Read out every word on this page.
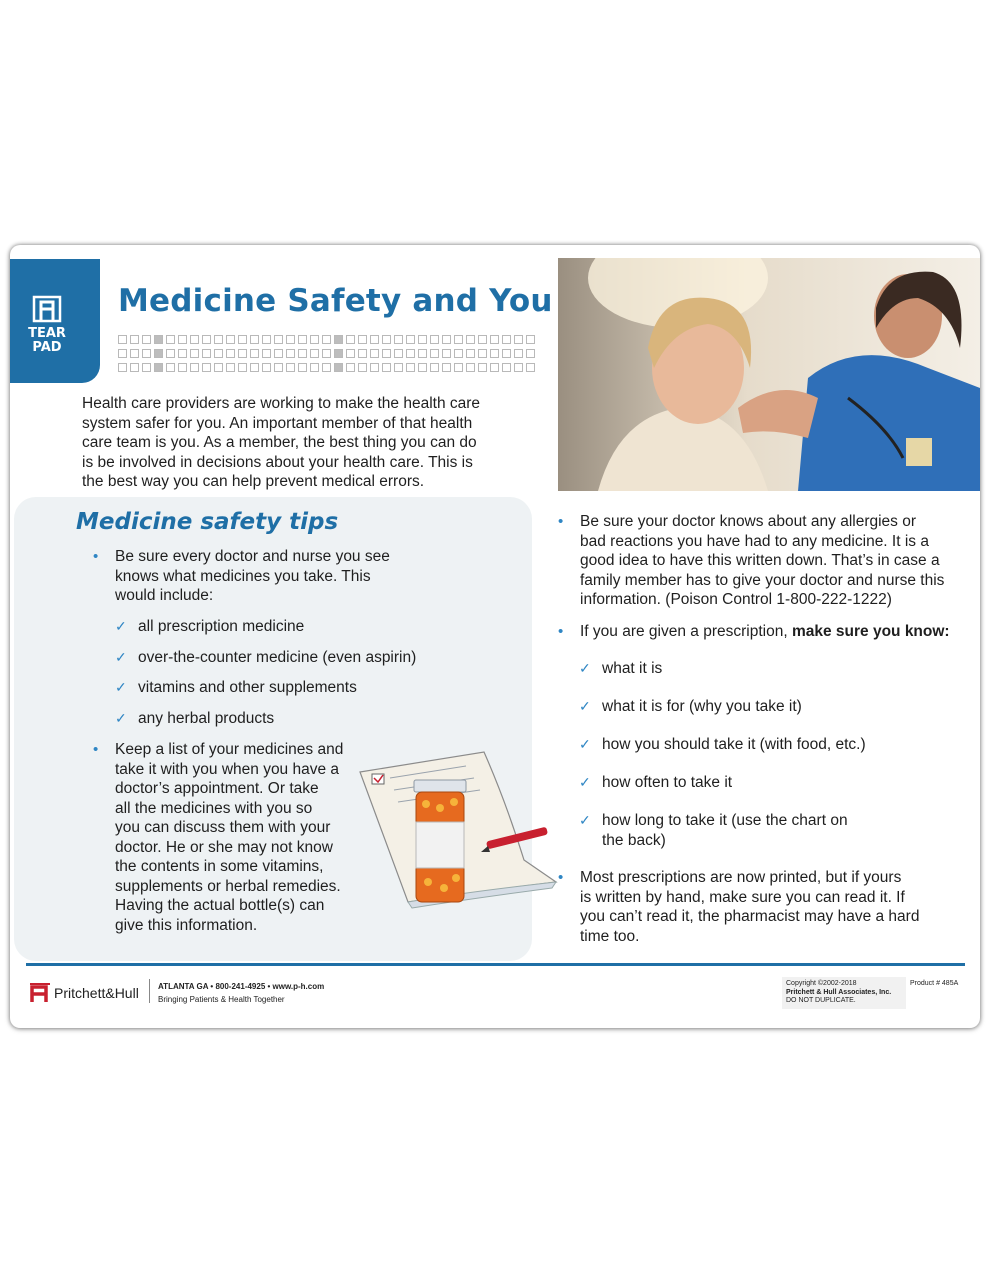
TEAR
PAD
Medicine Safety and You
Health care providers are working to make the health care
system safer for you. An important member of that health
care team is you. As a member, the best thing you can do
is be involved in decisions about your health care. This is
the best way you can help prevent medical errors.
Medicine safety tips
• Be sure every doctor and nurse you see
knows what medicines you take. This
would include:
✓ all prescription medicine
✓ over-the-counter medicine (even aspirin)
✓ vitamins and other supplements
✓ any herbal products
• Keep a list of your medicines and
take it with you when you have a
doctor’s appointment. Or take
all the medicines with you so
you can discuss them with your
doctor. He or she may not know
the contents in some vitamins,
supplements or herbal remedies.
Having the actual bottle(s) can
give this information.
• Be sure your doctor knows about any allergies or
bad reactions you have had to any medicine. It is a
good idea to have this written down. That’s in case a
family member has to give your doctor and nurse this
information. (Poison Control 1-800-222-1222)
• If you are given a prescription, make sure you know:
✓ what it is
✓ what it is for (why you take it)
✓ how you should take it (with food, etc.)
✓ how often to take it
✓ how long to take it (use the chart on
the back)
• Most prescriptions are now printed, but if yours
is written by hand, make sure you can read it. If
you can’t read it, the pharmacist may have a hard
time too.
Pritchett&Hull ATLANTA GA • 800-241-4925 • www.p-h.com
Bringing Patients & Health Together
Copyright ©2002-2018
Pritchett & Hull Associates, Inc.
DO NOT DUPLICATE.
Product # 485A
